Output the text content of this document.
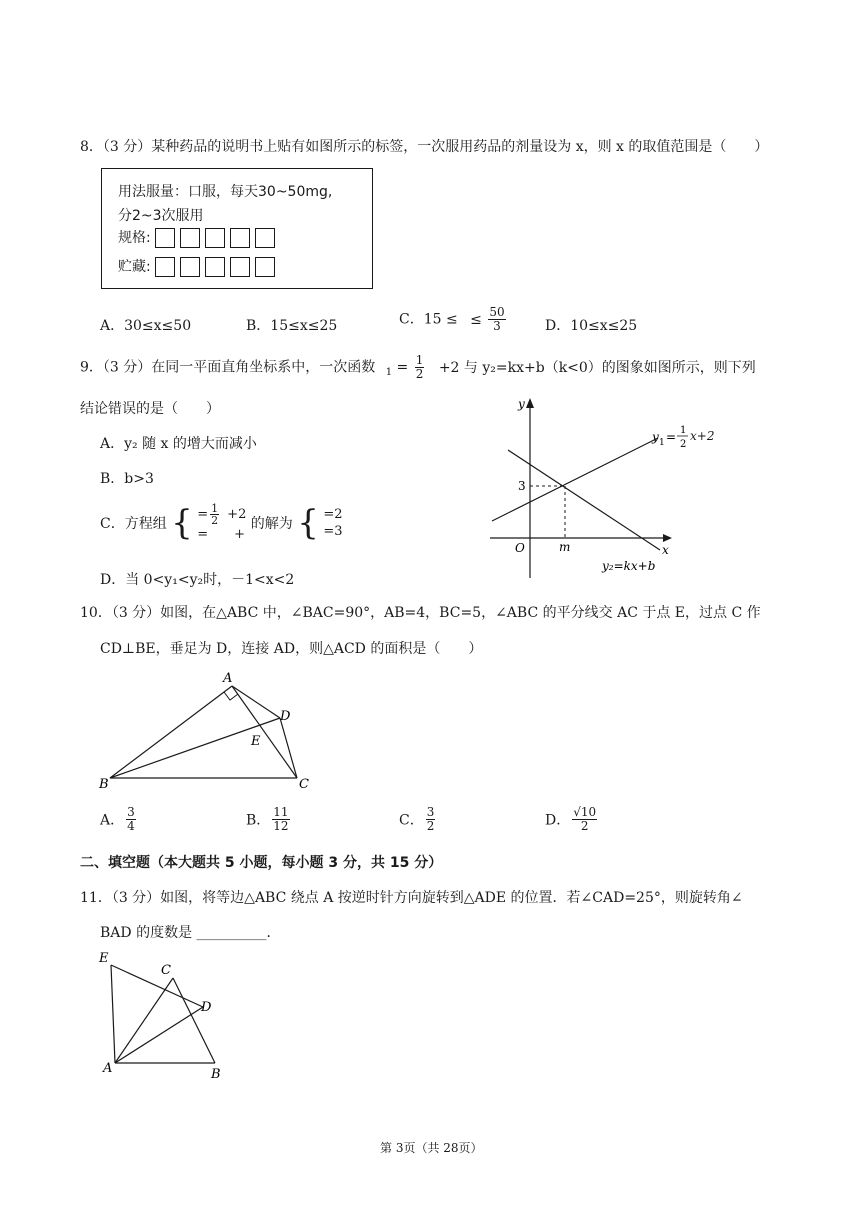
8．（3 分）某种药品的说明书上贴有如图所示的标签，一次服用药品的剂量设为 x，则 x 的取值范围是（　　）
用法服量：口服，每天30~50mg,
分2~3次服用
规格:
贮藏:
A．30≤x≤50	B．15≤x≤25	C．15 ≤ ≤ $\frac{50}{3}$	D．10≤x≤25
9．（3 分）在同一平面直角坐标系中，一次函数 $_1 = \frac{1}{2} +2$ 与 y₂=kx+b（k<0）的图象如图所示，则下列
结论错误的是（　　）
A．y₂ 随 x 的增大而减小
B．b>3
C．方程组 { = $\frac{1}{2} +2$
=　　+
的解为 { =2
=3
D．当 0<y₁<y₂时，－1<x<2
y
x
O
3
m
y 1 = 1
2
y₂=kx+b
x+2
10．（3 分）如图，在△ABC 中，∠BAC=90°，AB=4，BC=5，∠ABC 的平分线交 AC 于点 E，过点 C 作
CD⊥BE，垂足为 D，连接 AD，则△ACD 的面积是（　　）
A
B	C
D
E
A． $\frac{3}{4}$	B． $\frac{11}{12}$	C． $\frac{3}{2}$	D． $\frac{√10}{2}$
二、填空题（本大题共 5 小题，每小题 3 分，共 15 分）
11．（3 分）如图，将等边△ABC 绕点 A 按逆时针方向旋转到△ADE 的位置．若∠CAD=25°，则旋转角∠
BAD 的度数是 __________．
E
C
D
A	B
第 3页（共 28页）
